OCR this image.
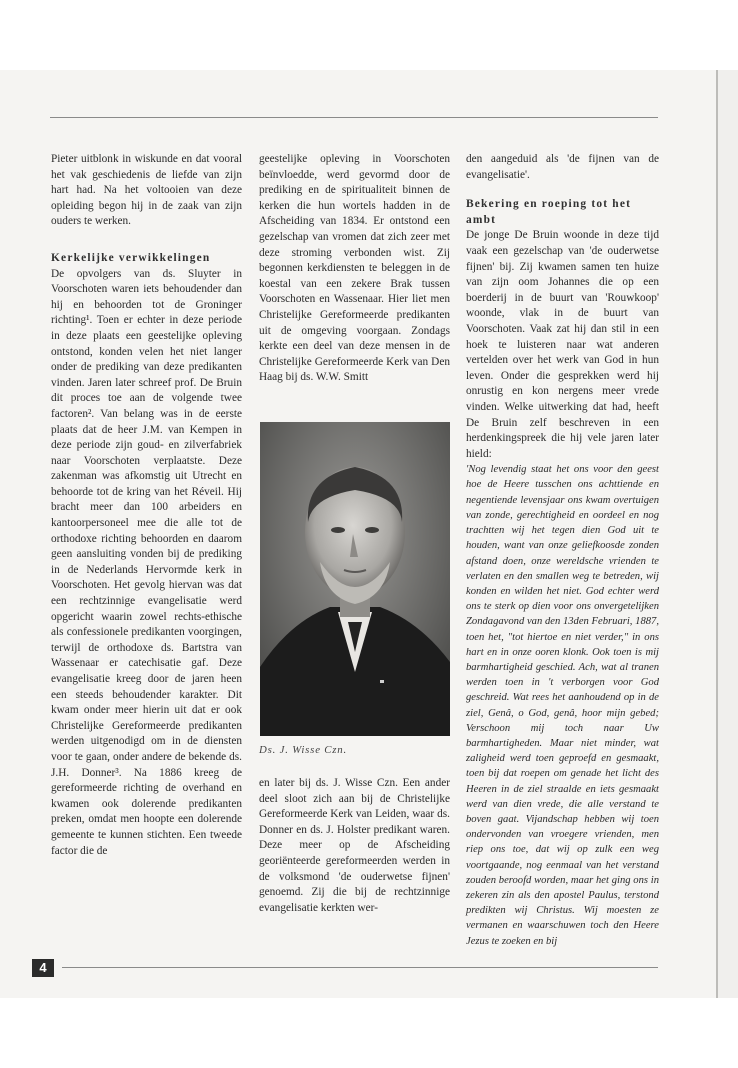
Pieter uitblonk in wiskunde en dat vooral het vak geschiedenis de liefde van zijn hart had. Na het voltooien van deze opleiding begon hij in de zaak van zijn ouders te werken.

Kerkelijke verwikkelingen

De opvolgers van ds. Sluyter in Voorschoten waren iets behoudender dan hij en behoorden tot de Groninger richting¹. Toen er echter in deze periode in deze plaats een geestelijke opleving ontstond, konden velen het niet langer onder de prediking van deze predikanten vinden. Jaren later schreef prof. De Bruin dit proces toe aan de volgende twee factoren². Van belang was in de eerste plaats dat de heer J.M. van Kempen in deze periode zijn goud- en zilverfabriek naar Voorschoten verplaatste. Deze zakenman was afkomstig uit Utrecht en behoorde tot de kring van het Réveil. Hij bracht meer dan 100 arbeiders en kantoorpersoneel mee die alle tot de orthodoxe richting behoorden en daarom geen aansluiting vonden bij de prediking in de Nederlands Hervormde kerk in Voorschoten. Het gevolg hiervan was dat een rechtzinnige evangelisatie werd opgericht waarin zowel rechts-ethische als confessionele predikanten voorgingen, terwijl de orthodoxe ds. Bartstra van Wassenaar er catechisatie gaf. Deze evangelisatie kreeg door de jaren heen een steeds behoudender karakter. Dit kwam onder meer hierin uit dat er ook Christelijke Gereformeerde predikanten werden uitgenodigd om in de diensten voor te gaan, onder andere de bekende ds. J.H. Donner³. Na 1886 kreeg de gereformeerde richting de overhand en kwamen ook dolerende predikanten preken, omdat men hoopte een dolerende gemeente te kunnen stichten. Een tweede factor die de

geestelijke opleving in Voorschoten beïnvloedde, werd gevormd door de prediking en de spiritualiteit binnen de kerken die hun wortels hadden in de Afscheiding van 1834. Er ontstond een gezelschap van vromen dat zich zeer met deze stroming verbonden wist. Zij begonnen kerkdiensten te beleggen in de koestal van een zekere Brak tussen Voorschoten en Wassenaar. Hier liet men Christelijke Gereformeerde predikanten uit de omgeving voorgaan. Zondags kerkte een deel van deze mensen in de Christelijke Gereformeerde Kerk van Den Haag bij ds. W.W. Smitt

Ds. J. Wisse Czn.

en later bij ds. J. Wisse Czn. Een ander deel sloot zich aan bij de Christelijke Gereformeerde Kerk van Leiden, waar ds. Donner en ds. J. Holster predikant waren. Deze meer op de Afscheiding georiënteerde gereformeerden werden in de volksmond 'de ouderwetse fijnen' genoemd. Zij die bij de rechtzinnige evangelisatie kerkten wer-

den aangeduid als 'de fijnen van de evangelisatie'.

Bekering en roeping tot het ambt

De jonge De Bruin woonde in deze tijd vaak een gezelschap van 'de ouderwetse fijnen' bij. Zij kwamen samen ten huize van zijn oom Johannes die op een boerderij in de buurt van 'Rouwkoop' woonde, vlak in de buurt van Voorschoten. Vaak zat hij dan stil in een hoek te luisteren naar wat anderen vertelden over het werk van God in hun leven. Onder die gesprekken werd hij onrustig en kon nergens meer vrede vinden. Welke uitwerking dat had, heeft De Bruin zelf beschreven in een herdenkingspreek die hij vele jaren later hield:

'Nog levendig staat het ons voor den geest hoe de Heere tusschen ons achttiende en negentiende levensjaar ons kwam overtuigen van zonde, gerechtigheid en oordeel en nog trachtten wij het tegen dien God uit te houden, want van onze geliefkoosde zonden afstand doen, onze wereldsche vrienden te verlaten en den smallen weg te betreden, wij konden en wilden het niet. God echter werd ons te sterk op dien voor ons onvergetelijken Zondagavond van den 13den Februari, 1887, toen het, "tot hiertoe en niet verder," in ons hart en in onze ooren klonk. Ook toen is mij barmhartigheid geschied. Ach, wat al tranen werden toen in 't verborgen voor God geschreid. Wat rees het aanhoudend op in de ziel, Genâ, o God, genâ, hoor mijn gebed; Verschoon mij toch naar Uw barmhartigheden. Maar niet minder, wat zaligheid werd toen geproefd en gesmaakt, toen bij dat roepen om genade het licht des Heeren in de ziel straalde en iets gesmaakt werd van dien vrede, die alle verstand te boven gaat. Vijandschap hebben wij toen ondervonden van vroegere vrienden, men riep ons toe, dat wij op zulk een weg voortgaande, nog eenmaal van het verstand zouden beroofd worden, maar het ging ons in zekeren zin als den apostel Paulus, terstond predikten wij Christus. Wij moesten ze vermanen en waarschuwen toch den Heere Jezus te zoeken en bij

4
